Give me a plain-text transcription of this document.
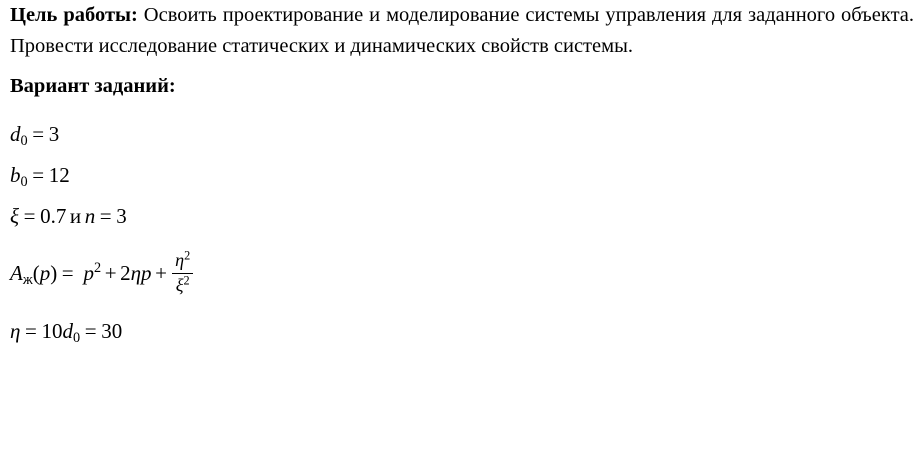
Цель работы: Освоить проектирование и моделирование системы управления для заданного объекта. Провести исследование статических и динамических свойств системы.

Вариант заданий:

$d_0 = 3$
$b_0 = 12$
ξ = 0.7 и n = 3
$A_ж(p) = p^2 + 2\eta p + \frac{\eta^2}{\xi^2}$
$\eta = 10d_0 = 30$
